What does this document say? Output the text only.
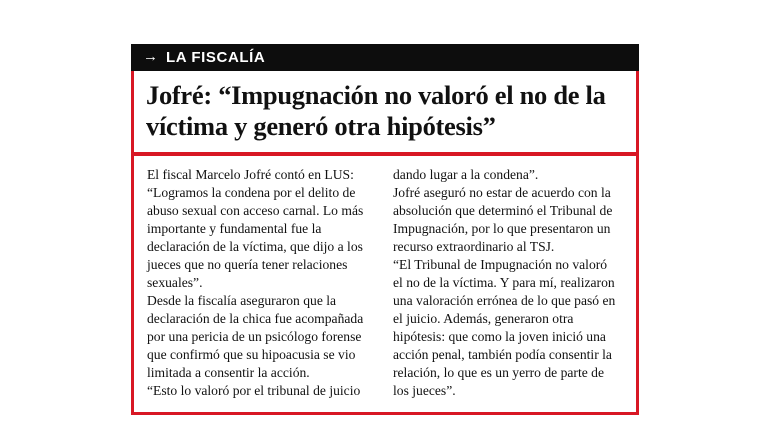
→ LA FISCALÍA
Jofré: “Impugnación no valoró el no de la víctima y generó otra hipótesis”

El fiscal Marcelo Jofré contó en LUS: “Logramos la condena por el delito de abuso sexual con acceso carnal. Lo más importante y fundamental fue la declaración de la víctima, que dijo a los jueces que no quería tener relaciones sexuales”.

Desde la fiscalía aseguraron que la declaración de la chica fue acompañada por una pericia de un psicólogo forense que confirmó que su hipoacusia se vio limitada a consentir la acción.

“Esto lo valoró por el tribunal de juicio

dando lugar a la condena”.

Jofré aseguró no estar de acuerdo con la absolución que determinó el Tribunal de Impugnación, por lo que presentaron un recurso extraordinario al TSJ.

“El Tribunal de Impugnación no valoró el no de la víctima. Y para mí, realizaron una valoración errónea de lo que pasó en el juicio. Además, generaron otra hipótesis: que como la joven inició una acción penal, también podía consentir la relación, lo que es un yerro de parte de los jueces”.
